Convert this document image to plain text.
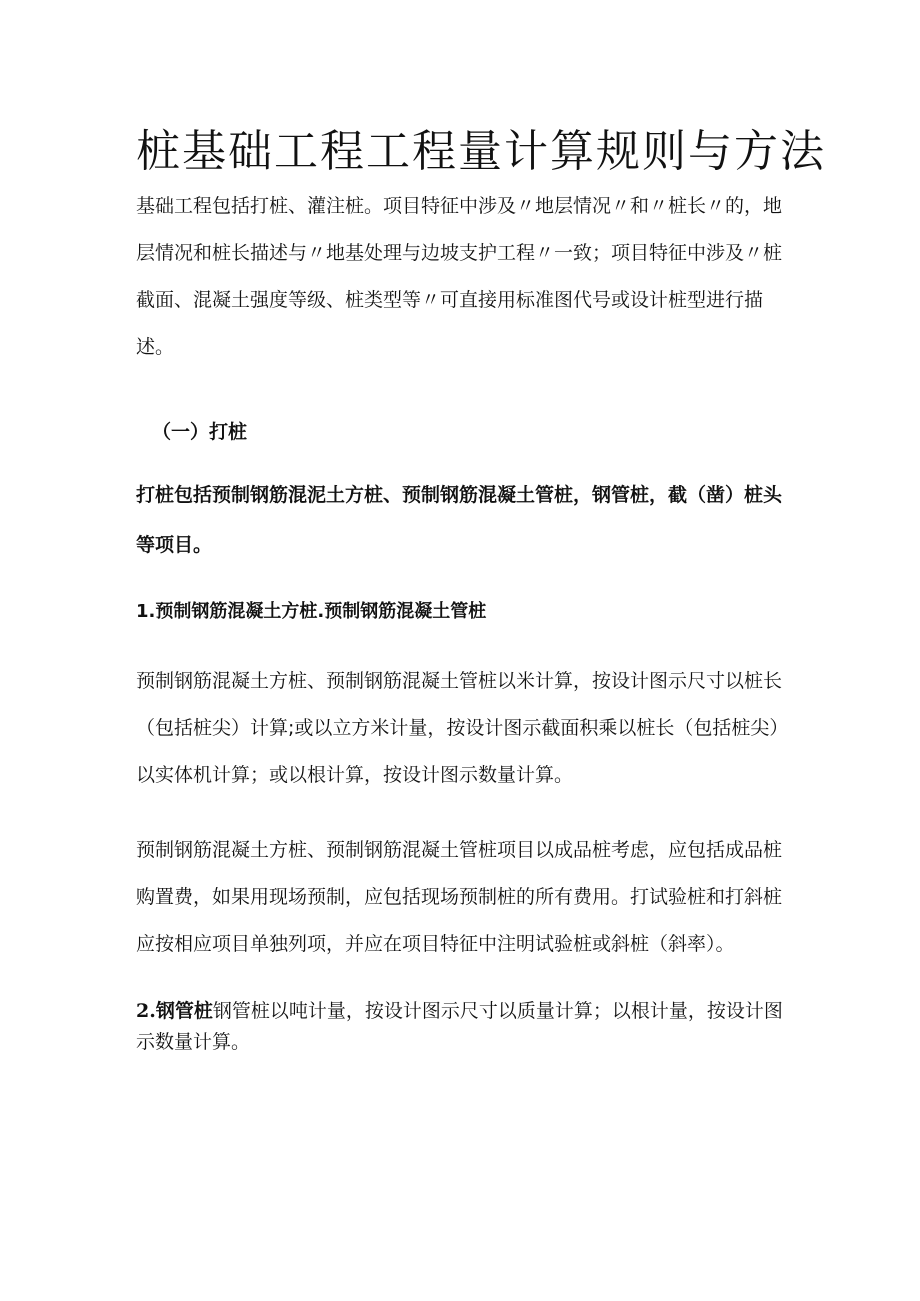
桩基础工程工程量计算规则与方法

基础工程包括打桩、灌注桩。项目特征中涉及〃地层情况〃和〃桩长〃的，地层情况和桩长描述与〃地基处理与边坡支护工程〃一致；项目特征中涉及〃桩截面、混凝土强度等级、桩类型等〃可直接用标准图代号或设计桩型进行描述。

（一）打桩

打桩包括预制钢筋混泥土方桩、预制钢筋混凝土管桩，钢管桩，截（凿）桩头等项目。

1.预制钢筋混凝土方桩.预制钢筋混凝土管桩

预制钢筋混凝土方桩、预制钢筋混凝土管桩以米计算，按设计图示尺寸以桩长（包括桩尖）计算;或以立方米计量，按设计图示截面积乘以桩长（包括桩尖）以实体机计算；或以根计算，按设计图示数量计算。

预制钢筋混凝土方桩、预制钢筋混凝土管桩项目以成品桩考虑，应包括成品桩购置费，如果用现场预制，应包括现场预制桩的所有费用。打试验桩和打斜桩应按相应项目单独列项，并应在项目特征中注明试验桩或斜桩（斜率）。

2.钢管桩钢管桩以吨计量，按设计图示尺寸以质量计算；以根计量，按设计图示数量计算。
